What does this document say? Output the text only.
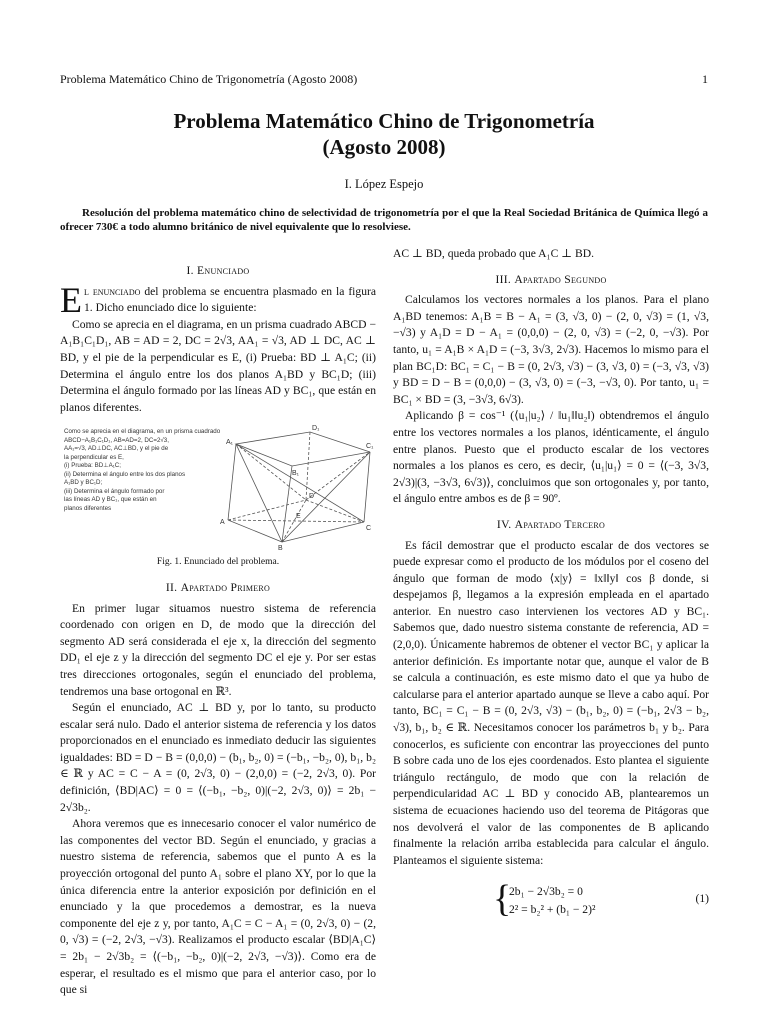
Problema Matemático Chino de Trigonometría (Agosto 2008)	1
Problema Matemático Chino de Trigonometría
(Agosto 2008)
I. López Espejo
Resolución del problema matemático chino de selectividad de trigonometría por el que la Real Sociedad Británica de Química llegó a ofrecer 730€ a todo alumno británico de nivel equivalente que lo resolviese.
I. Enunciado

El enunciado del problema se encuentra plasmado en la figura 1. Dicho enunciado dice lo siguiente:

Como se aprecia en el diagrama, en un prisma cuadrado ABCD − A₁B₁C₁D₁, AB = AD = 2, DC = 2√3, AA₁ = √3, AD ⊥ DC, AC ⊥ BD, y el pie de la perpendicular es E, (i) Prueba: BD ⊥ A₁C; (ii) Determina el ángulo entre los dos planos A₁BD y BC₁D; (iii) Determina el ángulo formado por las líneas AD y BC₁, que están en planos diferentes.

Como se aprecia en el diagrama, en un prisma cuadrado
ABCD−A₁B₁C₁D₁, AB=AD=2, DC=2√3,
AA₁=√3, AD⊥DC, AC⊥BD, y el pie de
la perpendicular es E,
(i) Prueba: BD⊥A₁C;
(ii) Determina el ángulo entre los dos planos
A₁BD y BC₁D;
(iii) Determina el ángulo formado por
las líneas AD y BC₁, que están en
planos diferentes
D₁
C₁
A₁
B₁
D
C
A
B
E
Fig. 1. Enunciado del problema.
II. Apartado Primero

En primer lugar situamos nuestro sistema de referencia coordenado con origen en D, de modo que la dirección del segmento AD será considerada el eje x, la dirección del segmento DD₁ el eje z y la dirección del segmento DC el eje y. Por ser estas tres direcciones ortogonales, según el enunciado del problema, tendremos una base ortogonal en ℝ³.

Según el enunciado, AC ⊥ BD y, por lo tanto, su producto escalar será nulo. Dado el anterior sistema de referencia y los datos proporcionados en el enunciado es inmediato deducir las siguientes igualdades: BD = D − B = (0,0,0) − (b₁, b₂, 0) = (−b₁, −b₂, 0), b₁, b₂ ∈ ℝ y AC = C − A = (0, 2√3, 0) − (2,0,0) = (−2, 2√3, 0). Por definición, ⟨BD|AC⟩ = 0 = ⟨(−b₁, −b₂, 0)|(−2, 2√3, 0)⟩ = 2b₁ − 2√3b₂.

Ahora veremos que es innecesario conocer el valor numérico de las componentes del vector BD. Según el enunciado, y gracias a nuestro sistema de referencia, sabemos que el punto A es la proyección ortogonal del punto A₁ sobre el plano XY, por lo que la única diferencia entre la anterior exposición por definición en el enunciado y la que procedemos a demostrar, es la nueva componente del eje z y, por tanto, A₁C = C − A₁ = (0, 2√3, 0) − (2, 0, √3) = (−2, 2√3, −√3). Realizamos el producto escalar ⟨BD|A₁C⟩ = 2b₁ − 2√3b₂ = ⟨(−b₁, −b₂, 0)|(−2, 2√3, −√3)⟩. Como era de esperar, el resultado es el mismo que para el anterior caso, por lo que si

AC ⊥ BD, queda probado que A₁C ⊥ BD.

III. Apartado Segundo

Calculamos los vectores normales a los planos. Para el plano A₁BD tenemos: A₁B = B − A₁ = (3, √3, 0) − (2, 0, √3) = (1, √3, −√3) y A₁D = D − A₁ = (0,0,0) − (2, 0, √3) = (−2, 0, −√3). Por tanto, u₁ = A₁B × A₁D = (−3, 3√3, 2√3). Hacemos lo mismo para el plan BC₁D: BC₁ = C₁ − B = (0, 2√3, √3) − (3, √3, 0) = (−3, √3, √3) y BD = D − B = (0,0,0) − (3, √3, 0) = (−3, −√3, 0). Por tanto, u₁ = BC₁ × BD = (3, −3√3, 6√3).

Aplicando β = cos⁻¹ (⟨u₁|u₂⟩ / ‖u₁‖‖u₂‖) obtendremos el ángulo entre los vectores normales a los planos, idénticamente, el ángulo entre planos. Puesto que el producto escalar de los vectores normales a los planos es cero, es decir, ⟨u₁|u₁⟩ = 0 = ⟨(−3, 3√3, 2√3)|(3, −3√3, 6√3)⟩, concluimos que son ortogonales y, por tanto, el ángulo entre ambos es de β = 90º.

IV. Apartado Tercero

Es fácil demostrar que el producto escalar de dos vectores se puede expresar como el producto de los módulos por el coseno del ángulo que forman de modo ⟨x|y⟩ = ‖x‖‖y‖ cos β donde, si despejamos β, llegamos a la expresión empleada en el apartado anterior. En nuestro caso intervienen los vectores AD y BC₁. Sabemos que, dado nuestro sistema constante de referencia, AD = (2,0,0). Únicamente habremos de obtener el vector BC₁ y aplicar la anterior definición. Es importante notar que, aunque el valor de B se calcula a continuación, es este mismo dato el que ya hubo de calcularse para el anterior apartado aunque se lleve a cabo aquí. Por tanto, BC₁ = C₁ − B = (0, 2√3, √3) − (b₁, b₂, 0) = (−b₁, 2√3 − b₂, √3), b₁, b₂ ∈ ℝ. Necesitamos conocer los parámetros b₁ y b₂. Para conocerlos, es suficiente con encontrar las proyecciones del punto B sobre cada uno de los ejes coordenados. Esto plantea el siguiente triángulo rectángulo, de modo que con la relación de perpendicularidad AC ⊥ BD y conocido AB, plantearemos un sistema de ecuaciones haciendo uso del teorema de Pitágoras que nos devolverá el valor de las componentes de B aplicando finalmente la relación arriba establecida para calcular el ángulo. Planteamos el siguiente sistema:

{
2b₁ − 2√3b₂ = 0
2² = b₂² + (b₁ − 2)²
(1)
